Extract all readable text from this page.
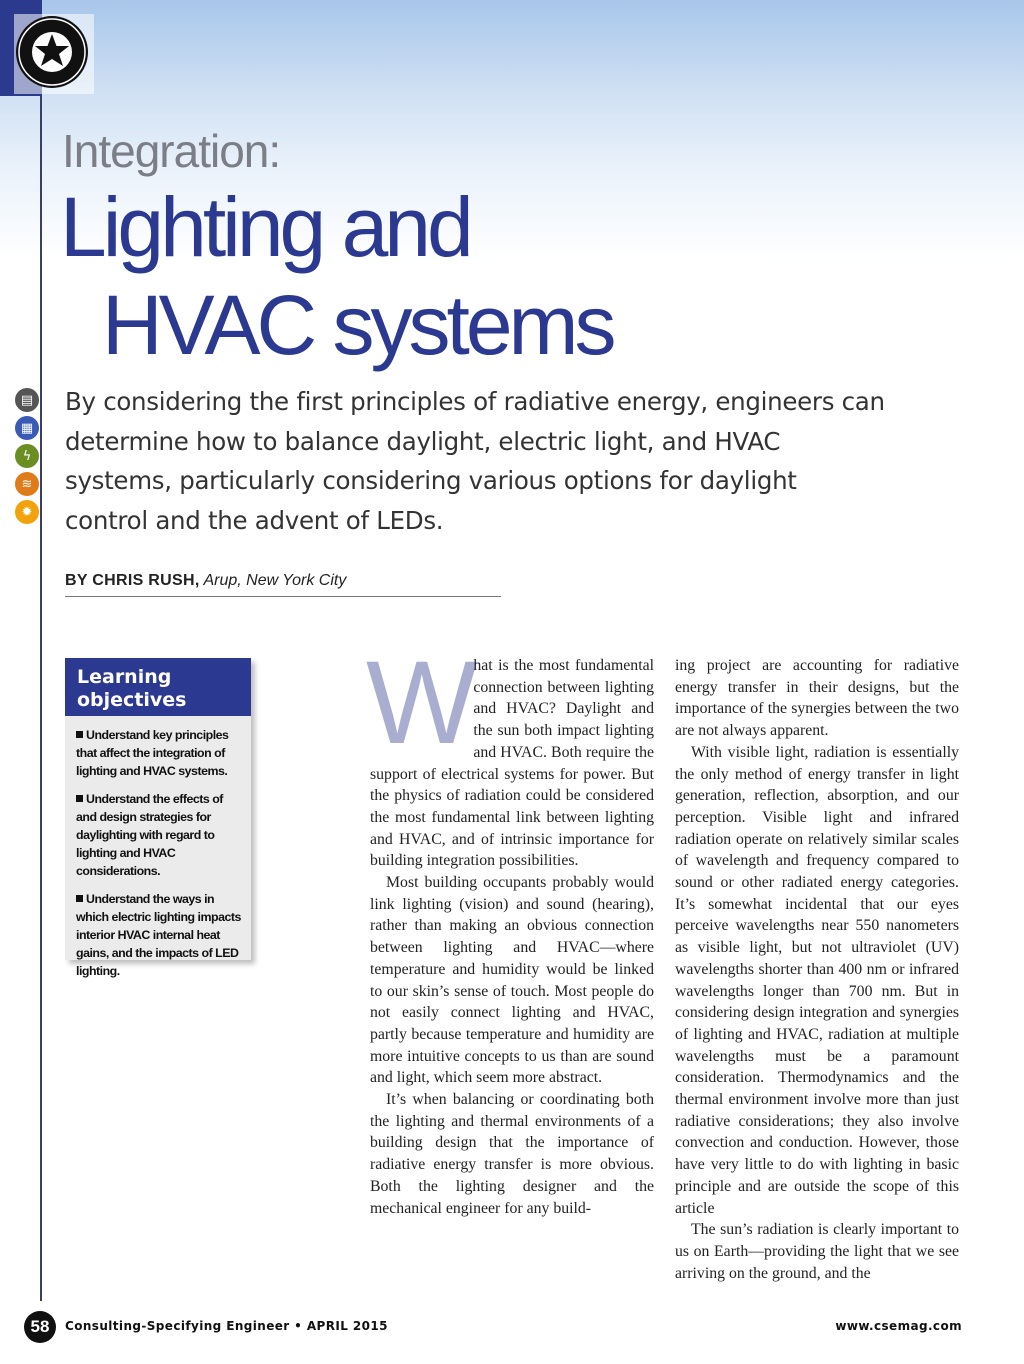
Integration:
Lighting and
HVAC systems
▤
▦
ϟ
≋
✹
By considering the first principles of radiative energy, engineers can determine how to balance daylight, electric light, and HVAC systems, particularly considering various options for daylight control and the advent of LEDs.
BY CHRIS RUSH, Arup, New York City
Learning objectives
Understand key principles that affect the integration of lighting and HVAC systems.
Understand the effects of and design strategies for daylighting with regard to lighting and HVAC considerations.
Understand the ways in which electric lighting impacts interior HVAC internal heat gains, and the impacts of LED lighting.
W hat is the most fundamental connection between lighting and HVAC? Daylight and the sun both impact lighting and HVAC. Both require the support of electrical systems for power. But the physics of radiation could be considered the most fundamental link between lighting and HVAC, and of intrinsic importance for building integration possibilities.

Most building occupants probably would link lighting (vision) and sound (hearing), rather than making an obvious connection between lighting and HVAC—where temperature and humidity would be linked to our skin’s sense of touch. Most people do not easily connect lighting and HVAC, partly because temperature and humidity are more intuitive concepts to us than are sound and light, which seem more abstract.

It’s when balancing or coordinating both the lighting and thermal environments of a building design that the importance of radiative energy transfer is more obvious. Both the lighting designer and the mechanical engineer for any build-

ing project are accounting for radiative energy transfer in their designs, but the importance of the synergies between the two are not always apparent.

With visible light, radiation is essentially the only method of energy transfer in light generation, reflection, absorption, and our perception. Visible light and infrared radiation operate on relatively similar scales of wavelength and frequency compared to sound or other radiated energy categories. It’s somewhat incidental that our eyes perceive wavelengths near 550 nanometers as visible light, but not ultraviolet (UV) wavelengths shorter than 400 nm or infrared wavelengths longer than 700 nm. But in considering design integration and synergies of lighting and HVAC, radiation at multiple wavelengths must be a paramount consideration. Thermodynamics and the thermal environment involve more than just radiative considerations; they also involve convection and conduction. However, those have very little to do with lighting in basic principle and are outside the scope of this article

The sun’s radiation is clearly important to us on Earth—providing the light that we see arriving on the ground, and the

58	Consulting-Specifying Engineer • APRIL 2015	www.csemag.com
